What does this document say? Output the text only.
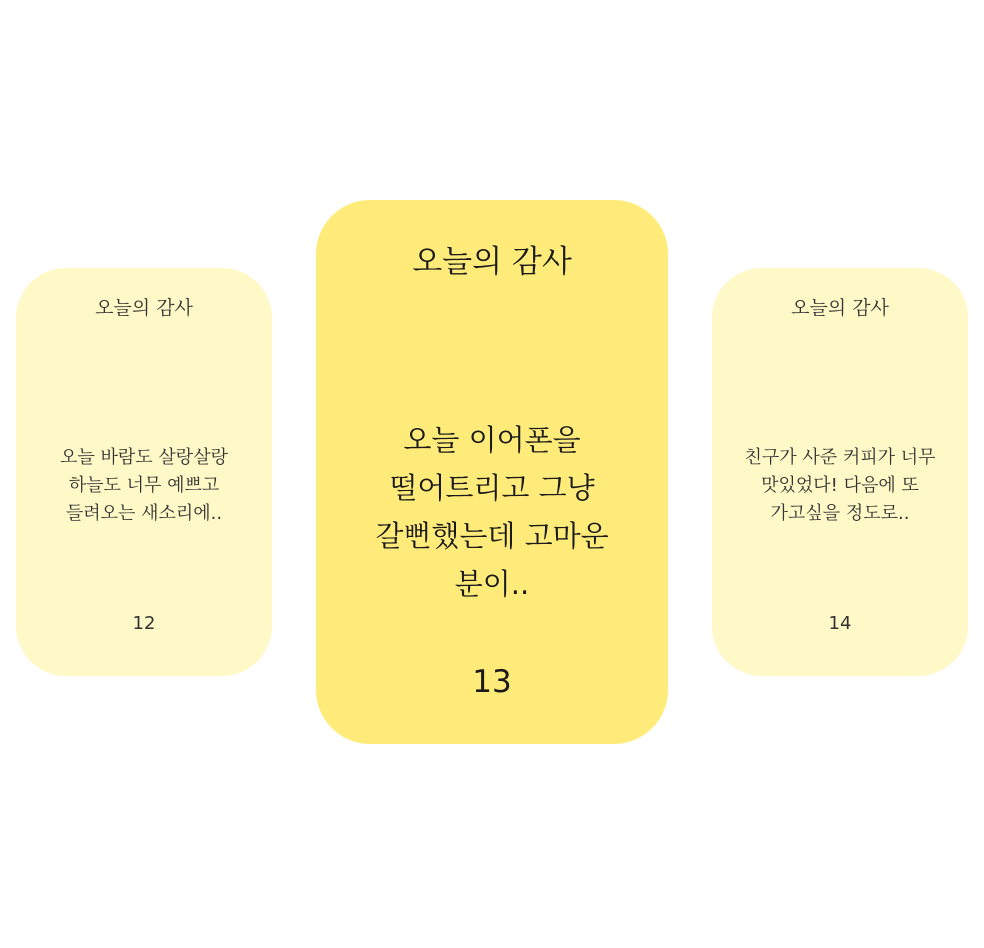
오늘의 감사
오늘 바람도 살랑살랑 하늘도 너무 예쁘고 들려오는 새소리에..
12
오늘의 감사
오늘 이어폰을 떨어트리고 그냥 갈뻔했는데 고마운 분이..
13
오늘의 감사
친구가 사준 커피가 너무 맛있었다! 다음에 또 가고싶을 정도로..
14
